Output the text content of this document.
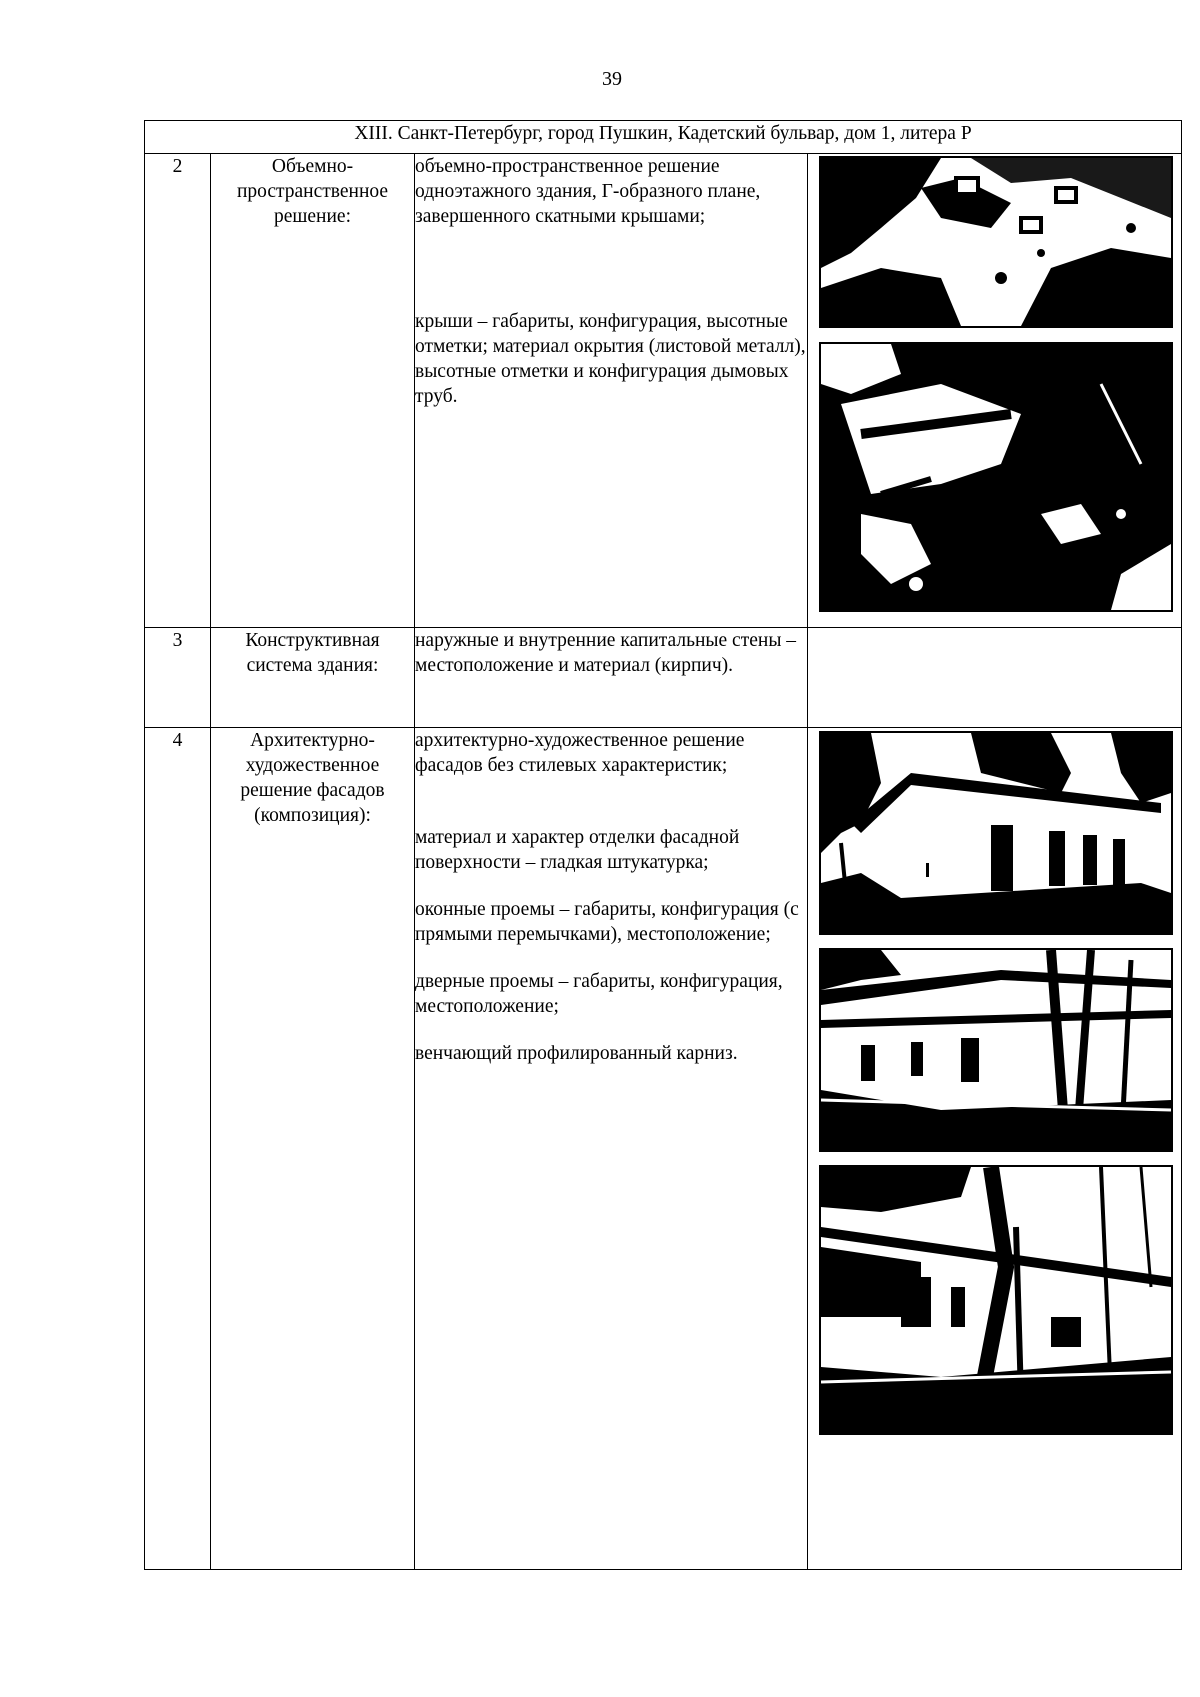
39
XIII. Санкт-Петербург, город Пушкин, Кадетский бульвар, дом 1, литера Р			
2	Объемно-пространственное решение:	объемно-пространственное решение одноэтажного здания, Г-образного плане, завершенного скатными крышами;

крыши – габариты, конфигурация, высотные отметки; материал окрытия (листовой металл), высотные отметки и конфигурация дымовых труб.

3	Конструктивная система здания:	наружные и внутренние капитальные стены – местоположение и материал (кирпич).	

4	Архитектурно-художественное решение фасадов (композиция):	архитектурно-художественное решение фасадов без стилевых характеристик;

материал и характер отделки фасадной поверхности – гладкая штукатурка;

оконные проемы – габариты, конфигурация (с прямыми перемычками), местоположение;

дверные проемы – габариты, конфигурация, местоположение;

венчающий профилированный карниз.
